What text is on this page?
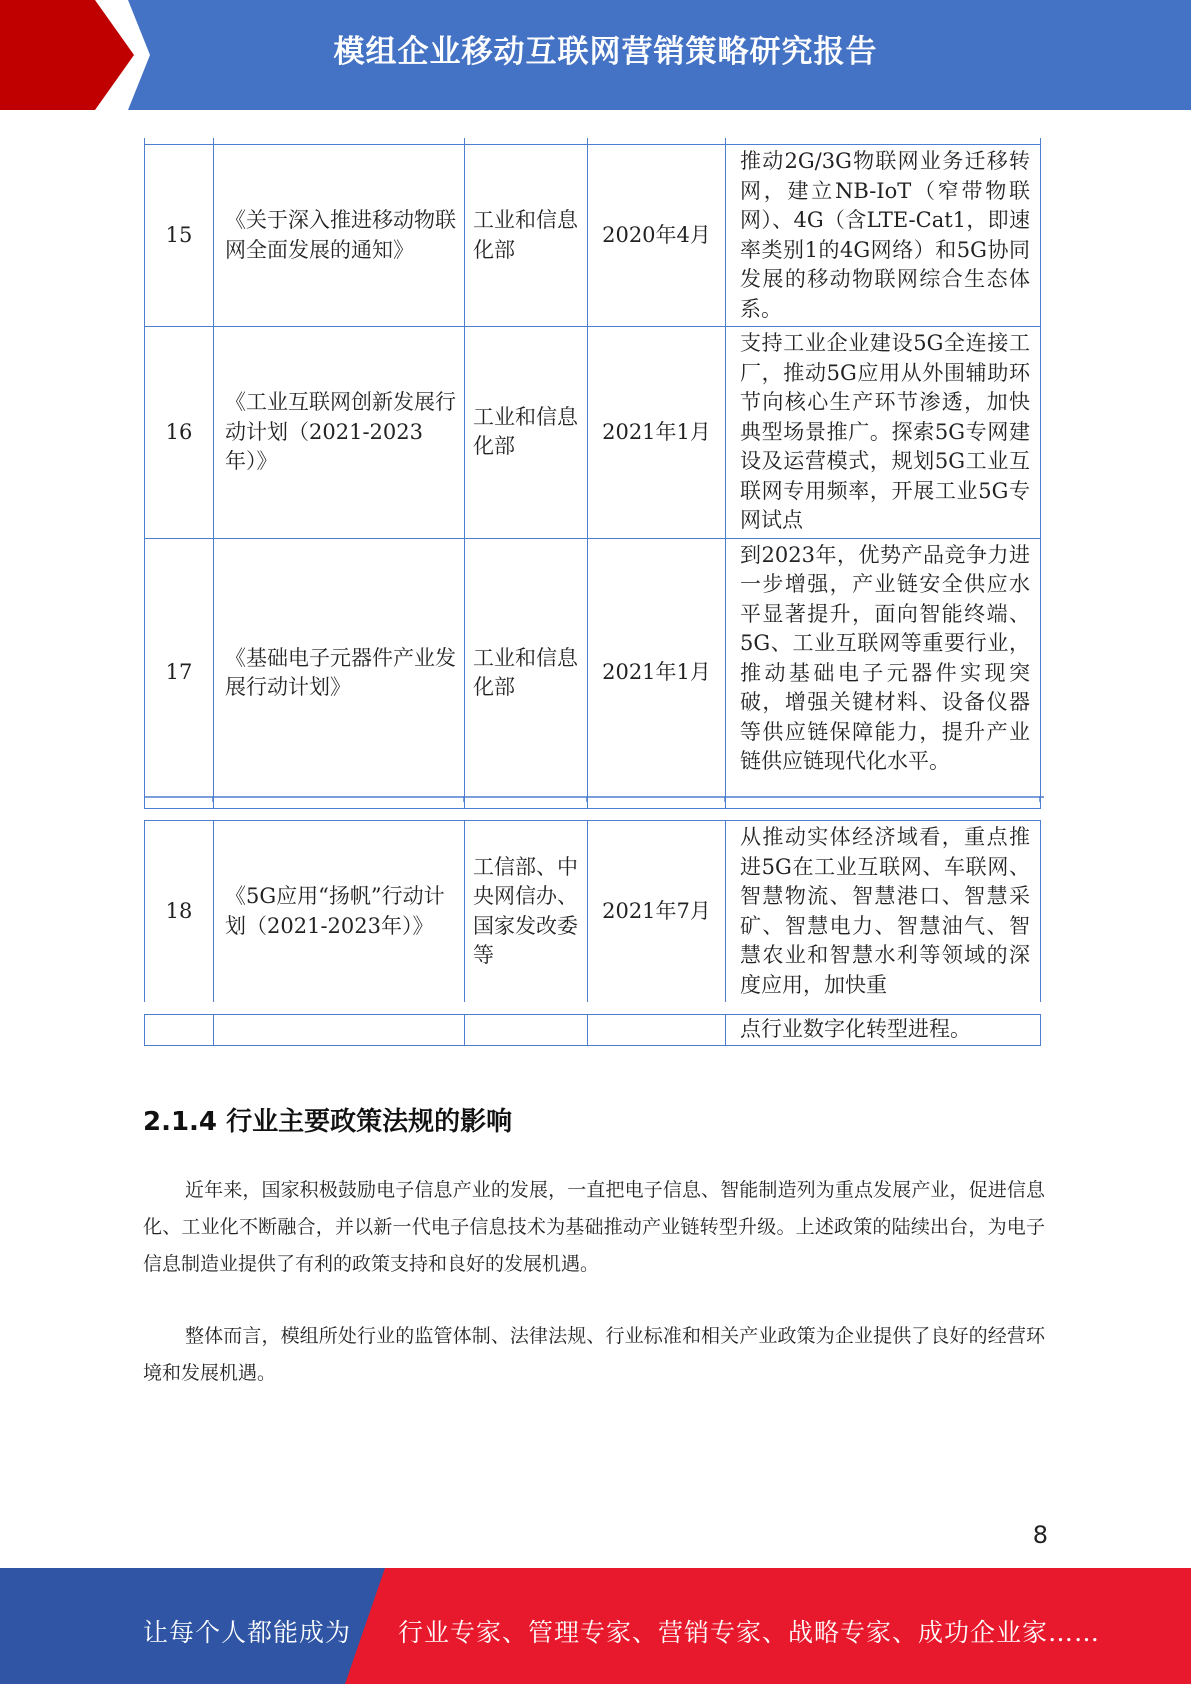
模组企业移动互联网营销策略研究报告

15	《关于深入推进移动物联网全面发展的通知》	工业和信息化部	2020年4月	推动2G/3G物联网业务迁移转网，建立NB-IoT（窄带物联网）、4G（含LTE-Cat1，即速率类别1的4G网络）和5G协同发展的移动物联网综合生态体系。
16	《工业互联网创新发展行动计划（2021-2023年）》	工业和信息化部	2021年1月	支持工业企业建设5G全连接工厂，推动5G应用从外围辅助环节向核心生产环节渗透，加快典型场景推广。探索5G专网建设及运营模式，规划5G工业互联网专用频率，开展工业5G专网试点
17	《基础电子元器件产业发展行动计划》	工业和信息化部	2021年1月	到2023年，优势产品竞争力进一步增强，产业链安全供应水平显著提升，面向智能终端、5G、工业互联网等重要行业，推动基础电子元器件实现突破，增强关键材料、设备仪器等供应链保障能力，提升产业链供应链现代化水平。
18	《5G应用“扬帆”行动计划（2021-2023年）》	工信部、中央网信办、国家发改委等	2021年7月	从推动实体经济域看，重点推进5G在工业互联网、车联网、智慧物流、智慧港口、智慧采矿、智慧电力、智慧油气、智慧农业和智慧水利等领域的深度应用，加快重
				点行业数字化转型进程。
2.1.4 行业主要政策法规的影响

近年来，国家积极鼓励电子信息产业的发展，一直把电子信息、智能制造列为重点发展产业，促进信息化、工业化不断融合，并以新一代电子信息技术为基础推动产业链转型升级。上述政策的陆续出台，为电子信息制造业提供了有利的政策支持和良好的发展机遇。

整体而言，模组所处行业的监管体制、法律法规、行业标准和相关产业政策为企业提供了良好的经营环境和发展机遇。

8
让每个人都能成为 行业专家、管理专家、营销专家、战略专家、成功企业家……
